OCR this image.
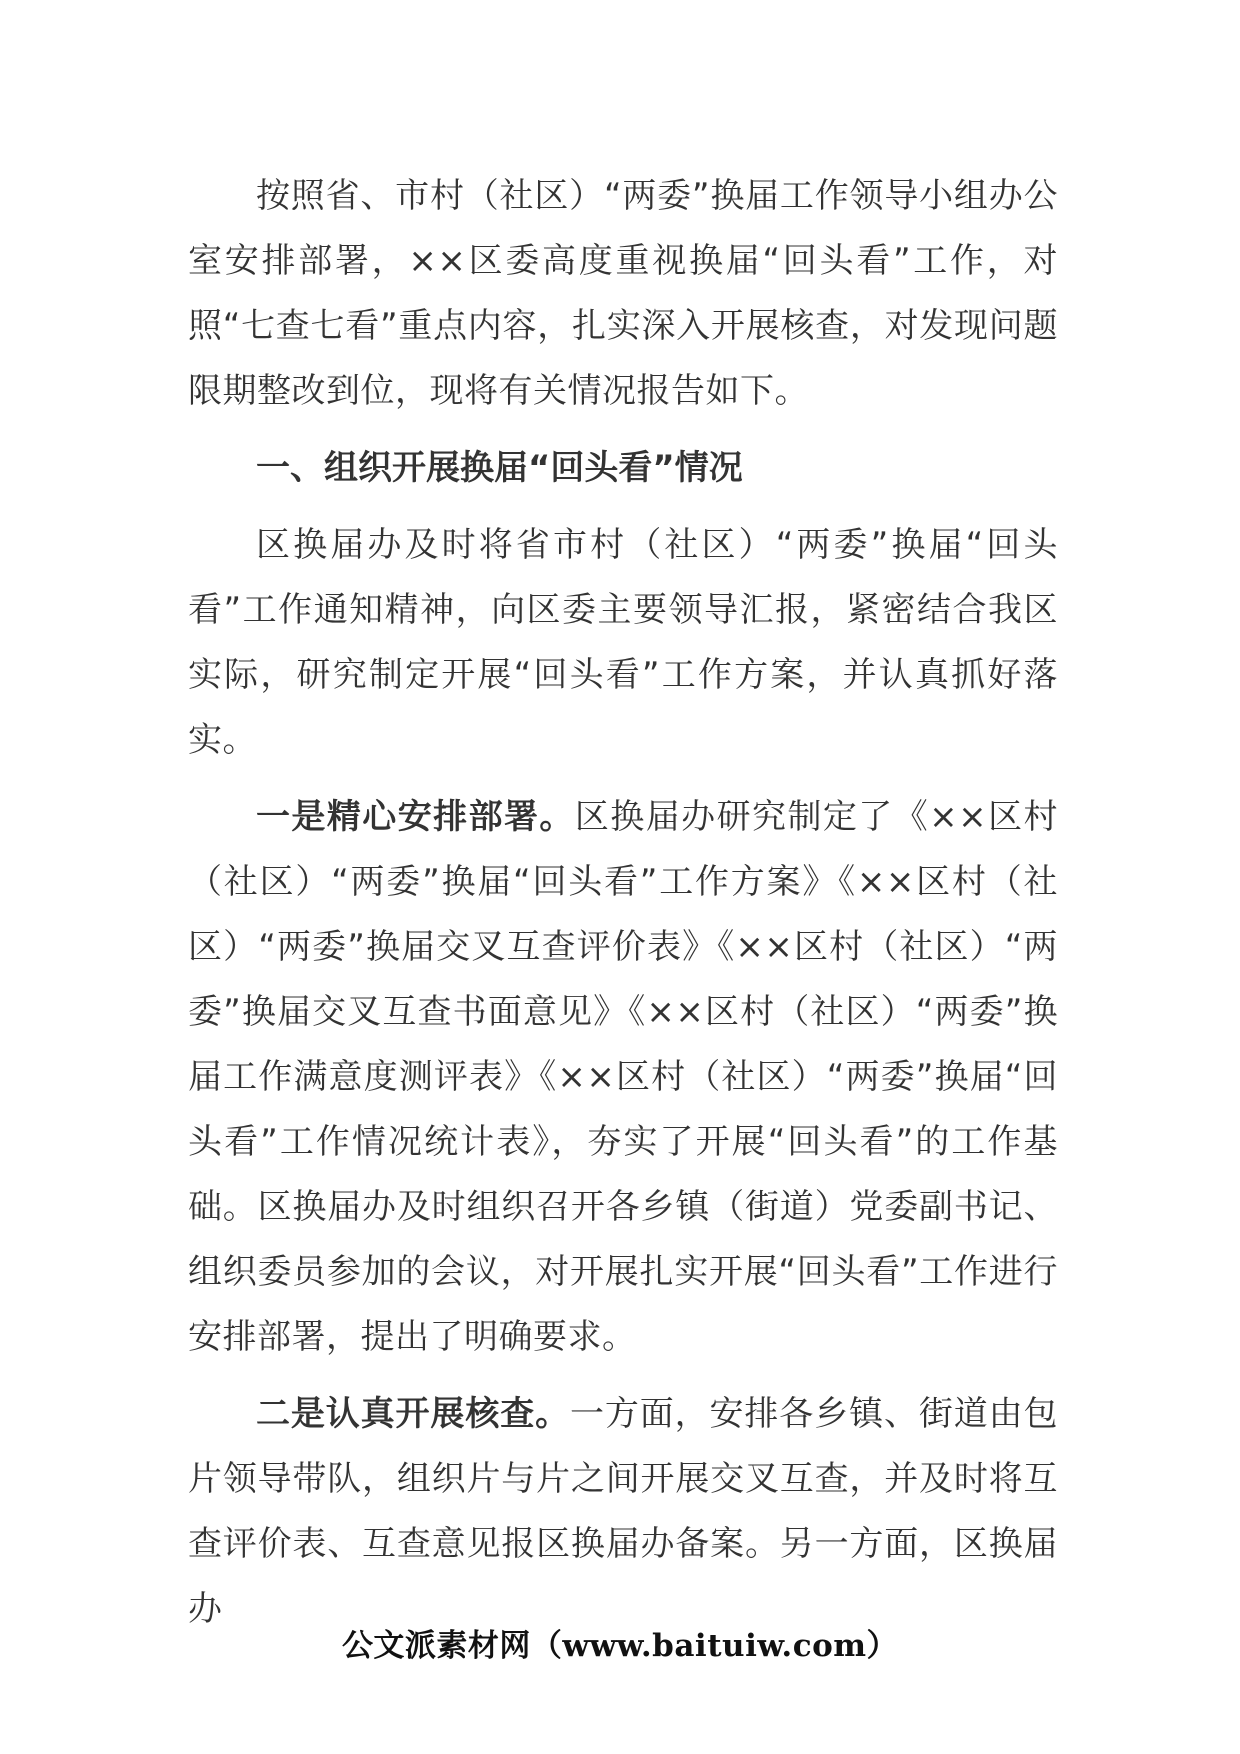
按照省、市村（社区）“两委”换届工作领导小组办公室安排部署，××区委高度重视换届“回头看”工作，对照“七查七看”重点内容，扎实深入开展核查，对发现问题限期整改到位，现将有关情况报告如下。

一、组织开展换届“回头看”情况

区换届办及时将省市村（社区）“两委”换届“回头看”工作通知精神，向区委主要领导汇报，紧密结合我区实际，研究制定开展“回头看”工作方案，并认真抓好落实。

一是精心安排部署。区换届办研究制定了《××区村（社区）“两委”换届“回头看”工作方案》《××区村（社区）“两委”换届交叉互查评价表》《××区村（社区）“两委”换届交叉互查书面意见》《××区村（社区）“两委”换届工作满意度测评表》《××区村（社区）“两委”换届“回头看”工作情况统计表》，夯实了开展“回头看”的工作基础。区换届办及时组织召开各乡镇（街道）党委副书记、组织委员参加的会议，对开展扎实开展“回头看”工作进行安排部署，提出了明确要求。

二是认真开展核查。一方面，安排各乡镇、街道由包片领导带队，组织片与片之间开展交叉互查，并及时将互查评价表、互查意见报区换届办备案。另一方面，区换届办

公文派素材网（www.baituiw.com）
